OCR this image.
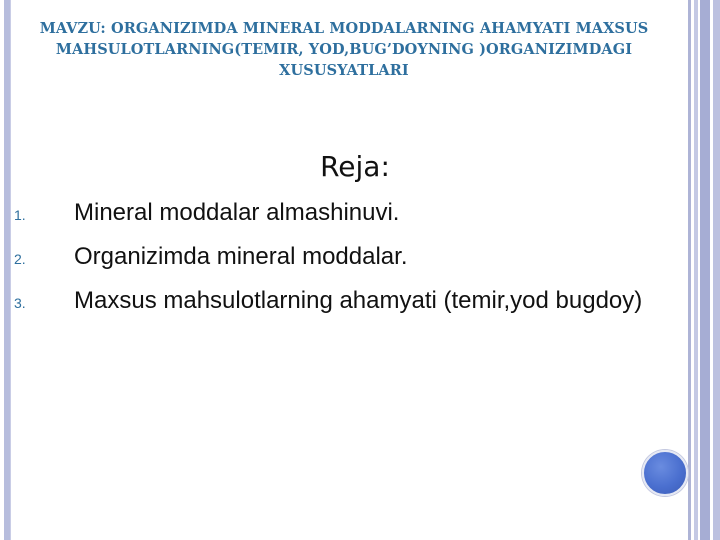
MAVZU: ORGANIZIMDA MINERAL MODDALARNING AHAMYATI MAXSUS MAHSULOTLARNING(TEMIR, YOD,BUG’DOYNING )ORGANIZIMDAGI XUSUSYATLARI
Reja:
1. Mineral moddalar almashinuvi.
2. Organizimda mineral moddalar.
3. Maxsus mahsulotlarning ahamyati (temir,yod bugdoy)
